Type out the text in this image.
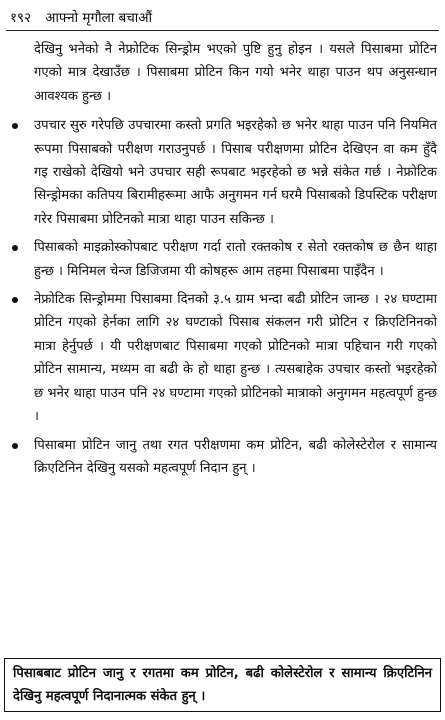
१९२ आफ्नो मृगौला बचाऔं

देखिनु भनेको नै नेफ्रोटिक सिन्ड्रोम भएको पुष्टि हुनु होइन । यसले पिसाबमा प्रोटिन गएको मात्र देखाउँछ । पिसाबमा प्रोटिन किन गयो भनेर थाहा पाउन थप अनुसन्धान आवश्यक हुन्छ ।

उपचार सुरु गरेपछि उपचारमा कस्तो प्रगति भइरहेको छ भनेर थाहा पाउन पनि नियमित रूपमा पिसाबको परीक्षण गराउनुपर्छ । पिसाब परीक्षणमा प्रोटिन देखिएन वा कम हुँदै गइ राखेको देखियो भने उपचार सही रूपबाट भइरहेको छ भन्ने संकेत गर्छ । नेफ्रोटिक सिन्ड्रोमका कतिपय बिरामीहरूमा आफै अनुगमन गर्न घरमै पिसाबको डिपस्टिक परीक्षण गरेर पिसाबमा प्रोटिनको मात्रा थाहा पाउन सकिन्छ ।

पिसाबको माइक्रोस्कोपबाट परीक्षण गर्दा रातो रक्तकोष र सेतो रक्तकोष छ छैन थाहा हुन्छ । मिनिमल चेन्ज डिजिजमा यी कोषहरू आम तहमा पिसाबमा पाइँदैन ।

नेफ्रोटिक सिन्ड्रोममा पिसाबमा दिनको ३.५ ग्राम भन्दा बढी प्रोटिन जान्छ । २४ घण्टामा प्रोटिन गएको हेर्नका लागि २४ घण्टाको पिसाब संकलन गरी प्रोटिन र क्रिएटिनिनको मात्रा हेर्नुपर्छ । यी परीक्षणबाट पिसाबमा गएको प्रोटिनको मात्रा पहिचान गरी गएको प्रोटिन सामान्य, मध्यम वा बढी के हो थाहा हुन्छ । त्यसबाहेक उपचार कस्तो भइरहेको छ भनेर थाहा पाउन पनि २४ घण्टामा गएको प्रोटिनको मात्राको अनुगमन महत्वपूर्ण हुन्छ ।

पिसाबमा प्रोटिन जानु तथा रगत परीक्षणमा कम प्रोटिन, बढी कोलेस्टेरोल र सामान्य क्रिएटिनिन देखिनु यसको महत्वपूर्ण निदान हुन् ।

पिसाबबाट प्रोटिन जानु र रगतमा कम प्रोटिन, बढी कोलेस्टेरोल र सामान्य क्रिएटिनिन देखिनु महत्वपूर्ण निदानात्मक संकेत हुन् ।
